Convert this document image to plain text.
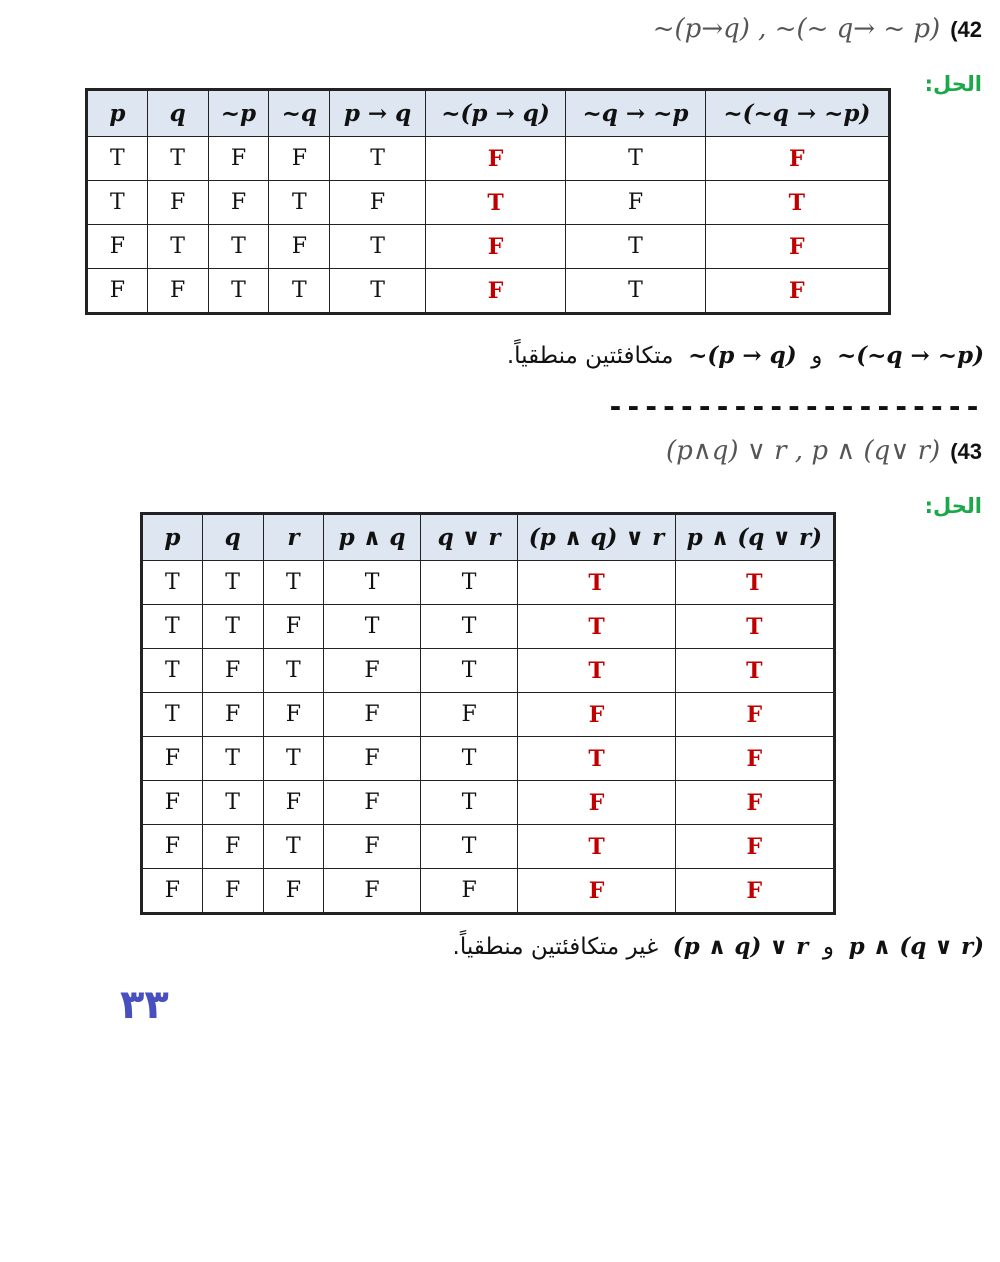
~(p→q) , ~(~ q→ ~ p) (42
الحل:
p	q	~p	~q	p → q	~(p → q)	~q → ~p	~(~q → ~p)
T	T	F	F	T	F	T	F
T	F	F	T	F	T	F	T
F	T	T	F	T	F	T	F
F	F	T	T	T	F	T	F
~(~q → ~p)  و  ~(p → q)  متكافئتين منطقياً.
---------------------
(p∧q) ∨ r , p ∧ (q∨ r) (43
الحل:
p	q	r	p ∧ q	q ∨ r	(p ∧ q) ∨ r	p ∧ (q ∨ r)
T	T	T	T	T	T	T
T	T	F	T	T	T	T
T	F	T	F	T	T	T
T	F	F	F	F	F	F
F	T	T	F	T	T	F
F	T	F	F	T	F	F
F	F	T	F	T	T	F
F	F	F	F	F	F	F
p ∧ (q ∨ r)  و  (p ∧ q) ∨ r  غير متكافئتين منطقياً.
٣٣
